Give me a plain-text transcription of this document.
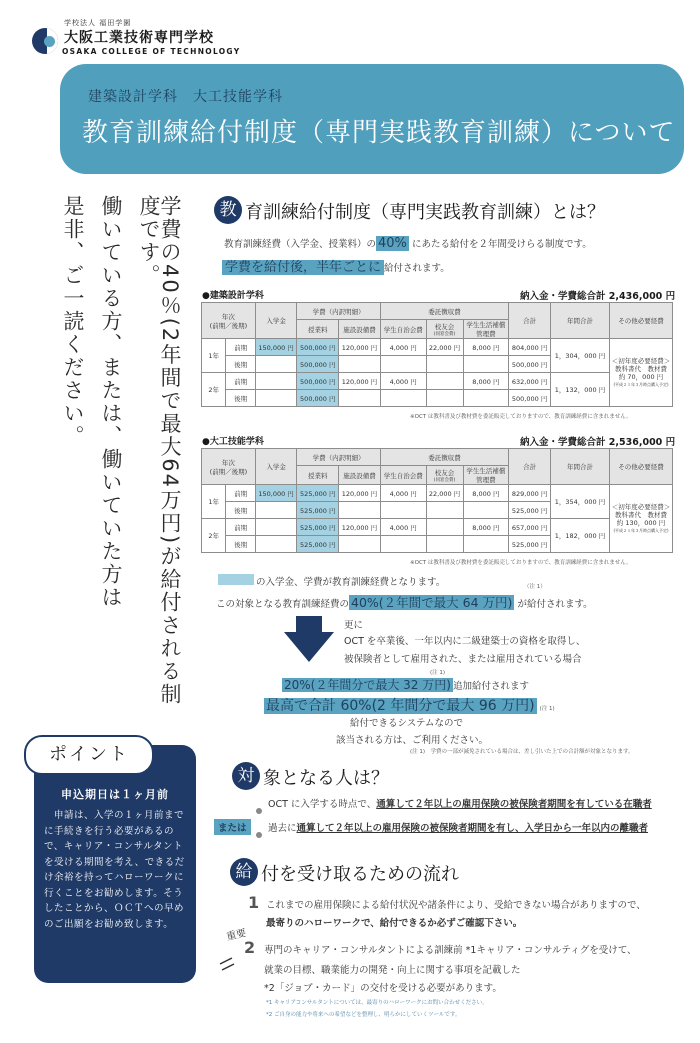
学校法人 福田学園
大阪工業技術専門学校
OSAKA COLLEGE OF TECHNOLOGY
建築設計学科　大工技能学科
教育訓練給付制度（専門実践教育訓練）について
学費の40％(2年間で最大64万円)が給付される制度です。
働いている方、または、働いていた方は
是非、ご一読ください。	教 育訓練給付制度（専門実践教育訓練）とは？
教育訓練経費（入学金、授業料）の 40% にあたる給付を２年間受けらる制度です。
学費を給付後，半年ごとに 給付されます。
●建築設計学科	納入金・学費総合計 2,436,000 円
年次
(前期／後期)		入学金	学費（内訳明細）		委託徴収費			合計	年間合計	その他必要経費
			授業料	施設設備費	学生自治会費	校友会
(同窓会費)	学生生活補償
管理費			
1年	前期	150,000 円	500,000 円	120,000 円	4,000 円	22,000 円	8,000 円	804,000 円	1，304，000 円	＜初年度必要経費＞
教科書代　教材費
約 70，000 円
(平成２１年３月時点購入予定)

	後期		500,000 円					500,000 円		
2年	前期		500,000 円	120,000 円	4,000 円		8,000 円	632,000 円	1，132，000 円	
	後期		500,000 円					500,000 円		
※OCT は教科書及び教材費を委託販売しておりますので、教育訓練経費に含まれません。
●大工技能学科	納入金・学費総合計 2,536,000 円
年次
(前期／後期)		入学金	学費（内訳明細）		委託徴収費			合計	年間合計	その他必要経費
			授業料	施設設備費	学生自治会費	校友会
(同窓会費)	学生生活補償
管理費			
1年	前期	150,000 円	525,000 円	120,000 円	4,000 円	22,000 円	8,000 円	829,000 円	1，354，000 円	＜初年度必要経費＞
教科書代　教材費
約 130，000 円
(平成２１年３月時点購入予定)

	後期		525,000 円					525,000 円		
2年	前期		525,000 円	120,000 円	4,000 円		8,000 円	657,000 円	1，182，000 円	
	後期		525,000 円					525,000 円		
※OCT は教科書及び教材費を委託販売しておりますので、教育訓練経費に含まれません。
の入学金、学費が教育訓練経費となります。	（注 1）
この対象となる教育訓練経費の 40%(２年間で最大 64 万円) が給付されます。
更に
OCT を卒業後、一年以内に二級建築士の資格を取得し、
被保険者として雇用された、または雇用されている場合
(注 1)
20%(２年間分で最大 32 万円) 追加給付されます
最高で合計 60%(2 年間分で最大 96 万円) (注 1)
給付できるシステムなので
該当される方は、ご利用ください。
(注 1)　学費の一部が減免されている場合は、差し引いた上での合計額が対象となります。
対 象となる人は？
OCT に入学する時点で、通算して２年以上の雇用保険の被保険者期間を有している在職者
または	過去に通算して２年以上の雇用保険の被保険者期間を有し、入学日から一年以内の離職者
給 付を受け取るための流れ
1 これまでの雇用保険による給付状況や諸条件により、受給できない場合がありますので、
最寄りのハローワークで、給付できるか必ずご確認下さい。
重要
2 専門のキャリア・コンサルタントによる訓練前 *1キャリア・コンサルティグを受けて、
就業の目標、職業能力の開発・向上に関する事項を記載した
*2「ジョブ・カード」の交付を受ける必要があります。
*1 キャリアコンサルタントについては、最寄りのハローワークにお問い合わせください。
*2 ご自身の能力や将来への希望などを整理し、明らかにしていくツールです。
ポイント
申込期日は１ヶ月前
　申請は、入学の１ヶ月前までに手続きを行う必要があるので、キャリア・コンサルタントを受ける期間を考え、できるだけ余裕を持ってハローワークに行くことをお勧めします。そうしたことから、ＯＣＴへの早めのご出願をお勧め致します。
